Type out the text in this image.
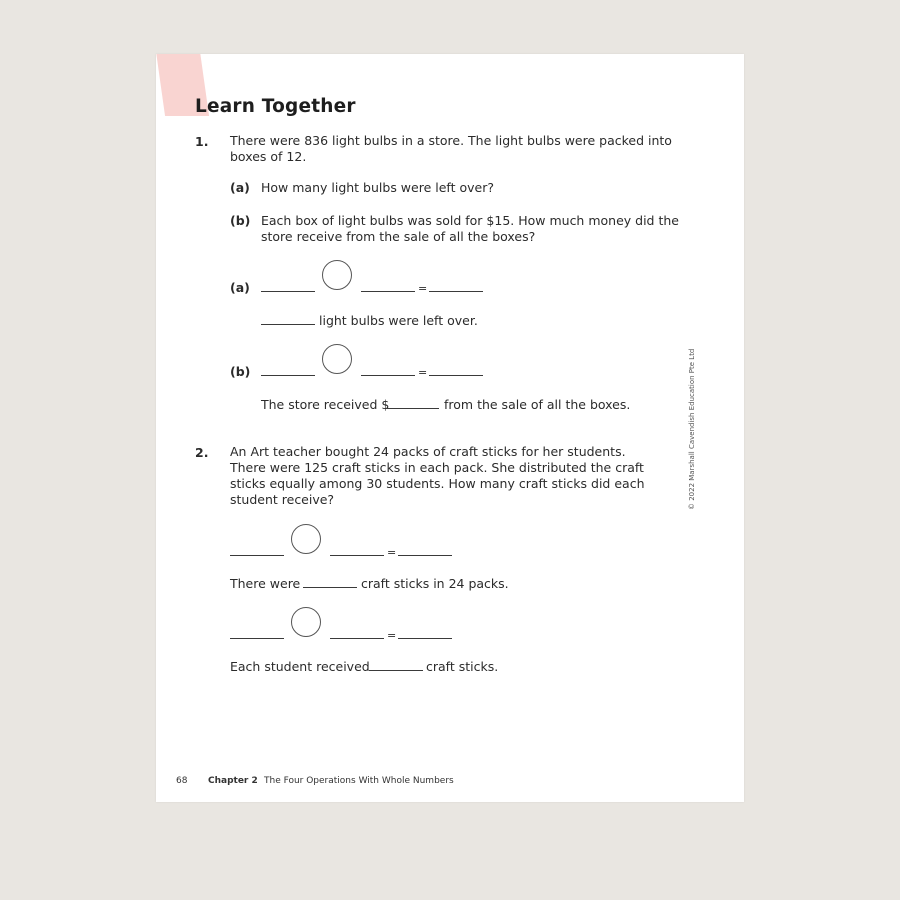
Learn Together
1. There were 836 light bulbs in a store. The light bulbs were packed into
boxes of 12.
(a) How many light bulbs were left over?
(b) Each box of light bulbs was sold for $15. How much money did the
store receive from the sale of all the boxes?
(a)	=
light bulbs were left over.
(b)	=
The store received $	from the sale of all the boxes.
2. An Art teacher bought 24 packs of craft sticks for her students.
There were 125 craft sticks in each pack. She distributed the craft
sticks equally among 30 students. How many craft sticks did each
student receive?
=
There were	craft sticks in 24 packs.
=
Each student received	craft sticks.
© 2022 Marshall Cavendish Education Pte Ltd
68 Chapter 2 The Four Operations With Whole Numbers
